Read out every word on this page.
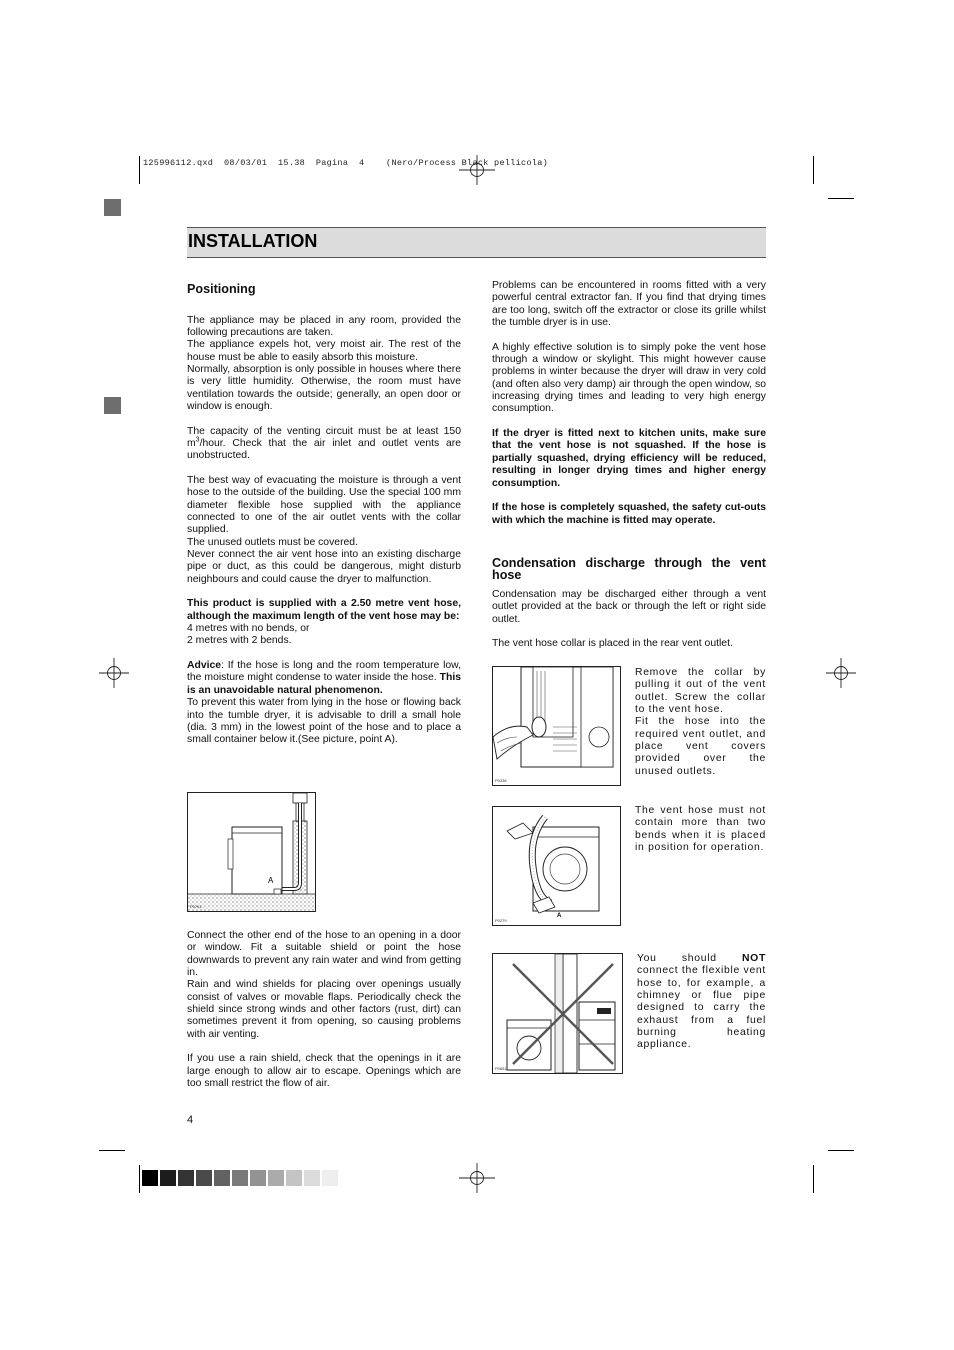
125996112.qxd  08/03/01  15.38  Pagina  4    (Nero/Process Black pellicola)
INSTALLATION
Positioning

The appliance may be placed in any room, provided the following precautions are taken.

The appliance expels hot, very moist air. The rest of the house must be able to easily absorb this moisture.

Normally, absorption is only possible in houses where there is very little humidity. Otherwise, the room must have ventilation towards the outside; generally, an open door or window is enough.

The capacity of the venting circuit must be at least 150 $m^3$/hour. Check that the air inlet and outlet vents are unobstructed.

The best way of evacuating the moisture is through a vent hose to the outside of the building. Use the special 100 mm diameter flexible hose supplied with the appliance connected to one of the air outlet vents with the collar supplied.

The unused outlets must be covered.

Never connect the air vent hose into an existing discharge pipe or duct, as this could be dangerous, might disturb neighbours and could cause the dryer to malfunction.

This product is supplied with a 2.50 metre vent hose, although the maximum length of the vent hose may be:

4 metres with no bends, or

2 metres with 2 bends.

Advice: If the hose is long and the room temperature low, the moisture might condense to water inside the hose. This is an unavoidable natural phenomenon.

To prevent this water from lying in the hose or flowing back into the tumble dryer, it is advisable to drill a small hole (dia. 3 mm) in the lowest point of the hose and to place a small container below it.(See picture, point A).

A
P0761

Connect the other end of the hose to an opening in a door or window. Fit a suitable shield or point the hose downwards to prevent any rain water and wind from getting in.

Rain and wind shields for placing over openings usually consist of valves or movable flaps. Periodically check the shield since strong winds and other factors (rust, dirt) can sometimes prevent it from opening, so causing problems with air venting.

If you use a rain shield, check that the openings in it are large enough to allow air to escape. Openings which are too small restrict the flow of air.

4

Problems can be encountered in rooms fitted with a very powerful central extractor fan. If you find that drying times are too long, switch off the extractor or close its grille whilst the tumble dryer is in use.

A highly effective solution is to simply poke the vent hose through a window or skylight. This might however cause problems in winter because the dryer will draw in very cold (and often also very damp) air through the open window, so increasing drying times and leading to very high energy consumption.

If the dryer is fitted next to kitchen units, make sure that the vent hose is not squashed. If the hose is partially squashed, drying efficiency will be reduced, resulting in longer drying times and higher energy consumption.

If the hose is completely squashed, the safety cut-outs with which the machine is fitted may operate.

Condensation discharge through the vent hose

Condensation may be discharged either through a vent outlet provided at the back or through the left or right side outlet.

The vent hose collar is placed in the rear vent outlet.

P0336

Remove the collar by pulling it out of the vent outlet. Screw the collar to the vent hose.

Fit the hose into the required vent outlet, and place vent covers provided over the unused outlets.

A
P0279

The vent hose must not contain more than two bends when it is placed in position for operation.

P0651

You should NOT connect the flexible vent hose to, for example, a chimney or flue pipe designed to carry the exhaust from a fuel burning heating appliance.
